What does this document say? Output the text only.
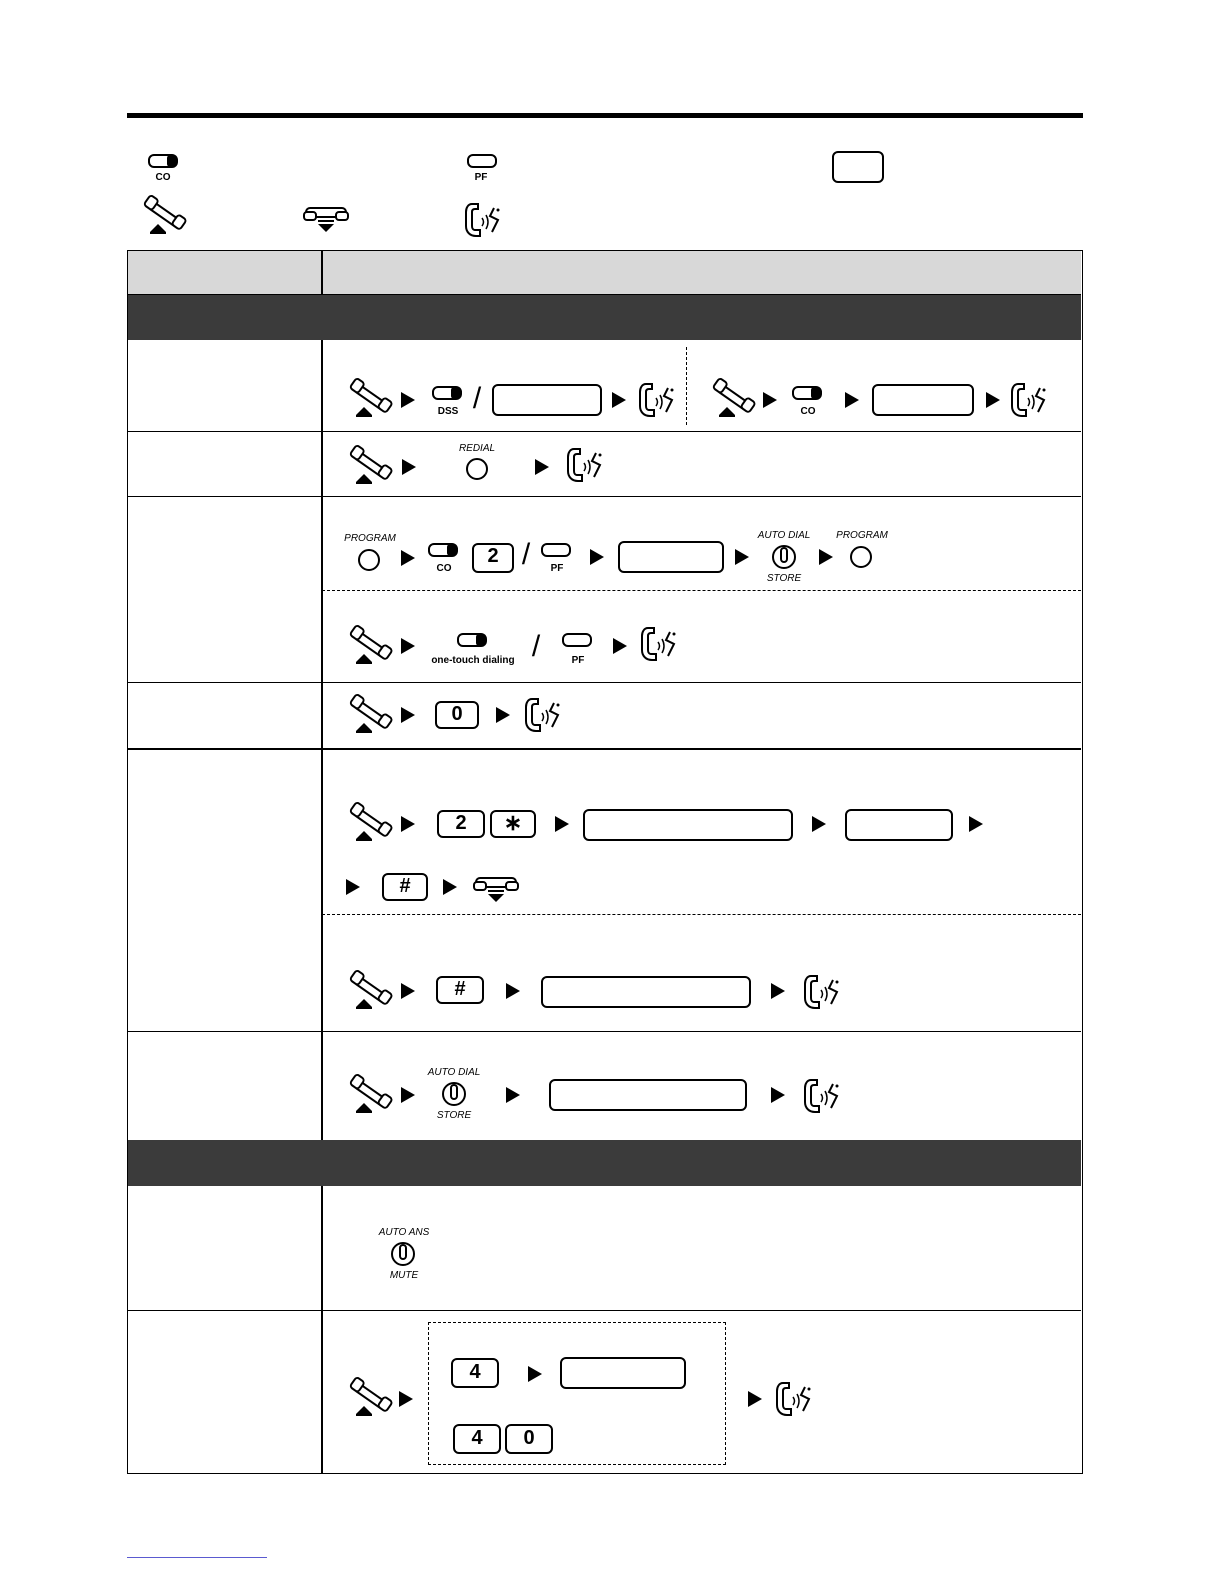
CO	PF
DSS /	CO
REDIAL
PROGRAM
CO
2 /	PF
AUTO DIAL
STORE
PROGRAM
one-touch dialing /	PF
0
2	∗
#
#
AUTO DIAL
STORE
AUTO ANS
MUTE
4
4	0
